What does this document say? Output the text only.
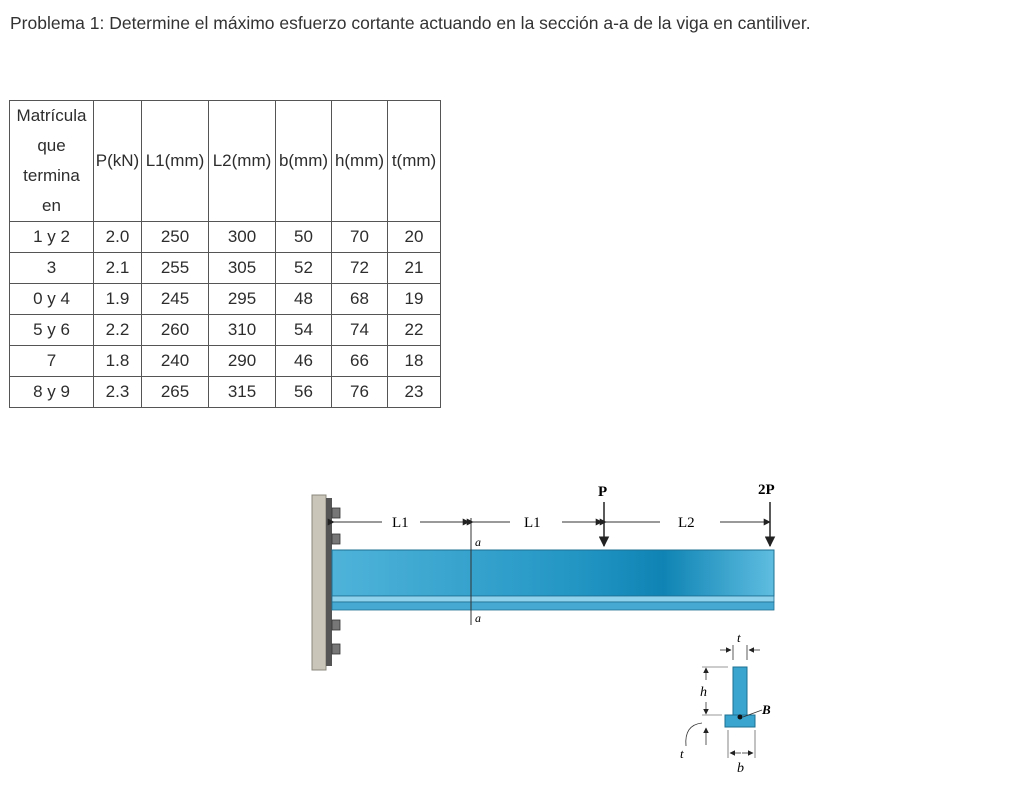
Problema 1: Determine el máximo esfuerzo cortante actuando en la sección a-a de la viga en cantiliver.
Matrícula
que
termina
en	P(kN)	L1(mm)	L2(mm)	b(mm)	h(mm)	t(mm)
1 y 2	2.0	250	300	50	70	20
3	2.1	255	305	52	72	21
0 y 4	1.9	245	295	48	68	19
5 y 6	2.2	260	310	54	74	22
7	1.8	240	290	46	66	18
8 y 9	2.3	265	315	56	76	23
a
a
L1	L1	L2
P	2P
t
h
B
t
b
